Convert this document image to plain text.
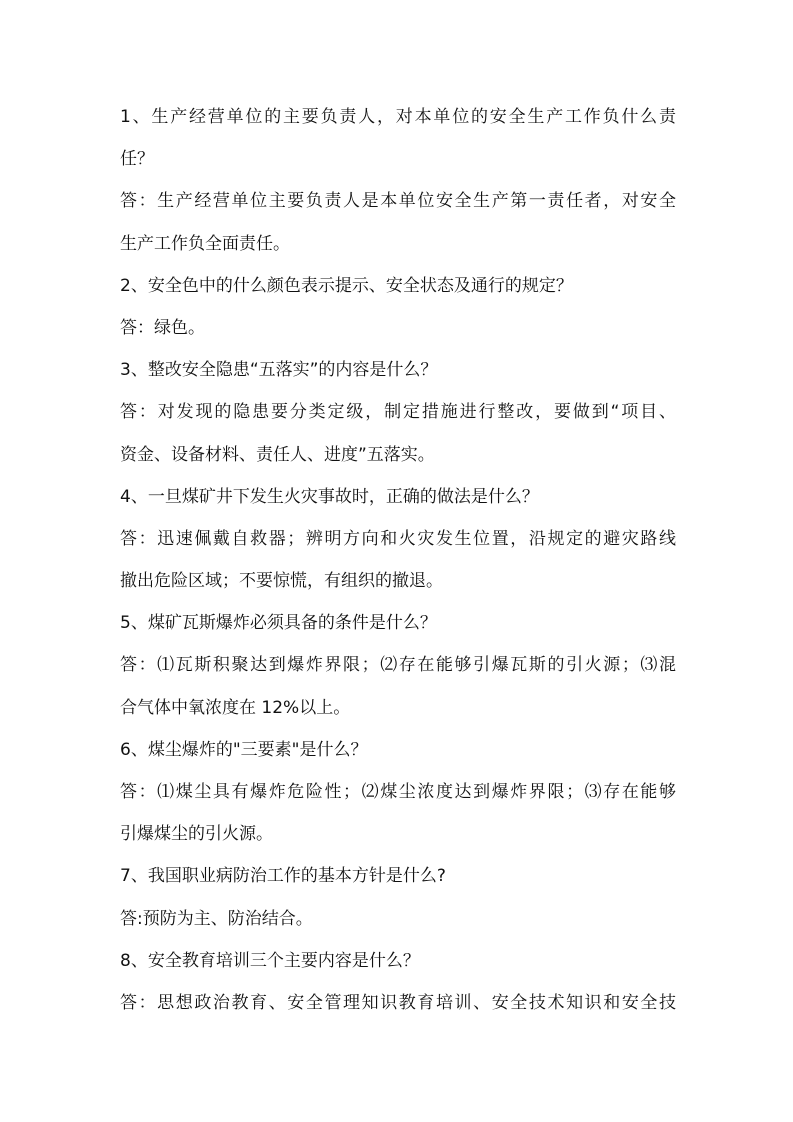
1、生产经营单位的主要负责人，对本单位的安全生产工作负什么责
任？
答：生产经营单位主要负责人是本单位安全生产第一责任者，对安全
生产工作负全面责任。
2、安全色中的什么颜色表示提示、安全状态及通行的规定？
答：绿色。
3、整改安全隐患“五落实”的内容是什么？
答：对发现的隐患要分类定级，制定措施进行整改，要做到“项目、
资金、设备材料、责任人、进度”五落实。
4、一旦煤矿井下发生火灾事故时，正确的做法是什么？
答：迅速佩戴自救器；辨明方向和火灾发生位置，沿规定的避灾路线
撤出危险区域；不要惊慌，有组织的撤退。
5、煤矿瓦斯爆炸必须具备的条件是什么？
答：⑴瓦斯积聚达到爆炸界限；⑵存在能够引爆瓦斯的引火源；⑶混
合气体中氧浓度在 12%以上。
6、煤尘爆炸的"三要素"是什么？
答：⑴煤尘具有爆炸危险性；⑵煤尘浓度达到爆炸界限；⑶存在能够
引爆煤尘的引火源。
7、我国职业病防治工作的基本方针是什么?
答:预防为主、防治结合。
8、安全教育培训三个主要内容是什么？
答：思想政治教育、安全管理知识教育培训、安全技术知识和安全技
